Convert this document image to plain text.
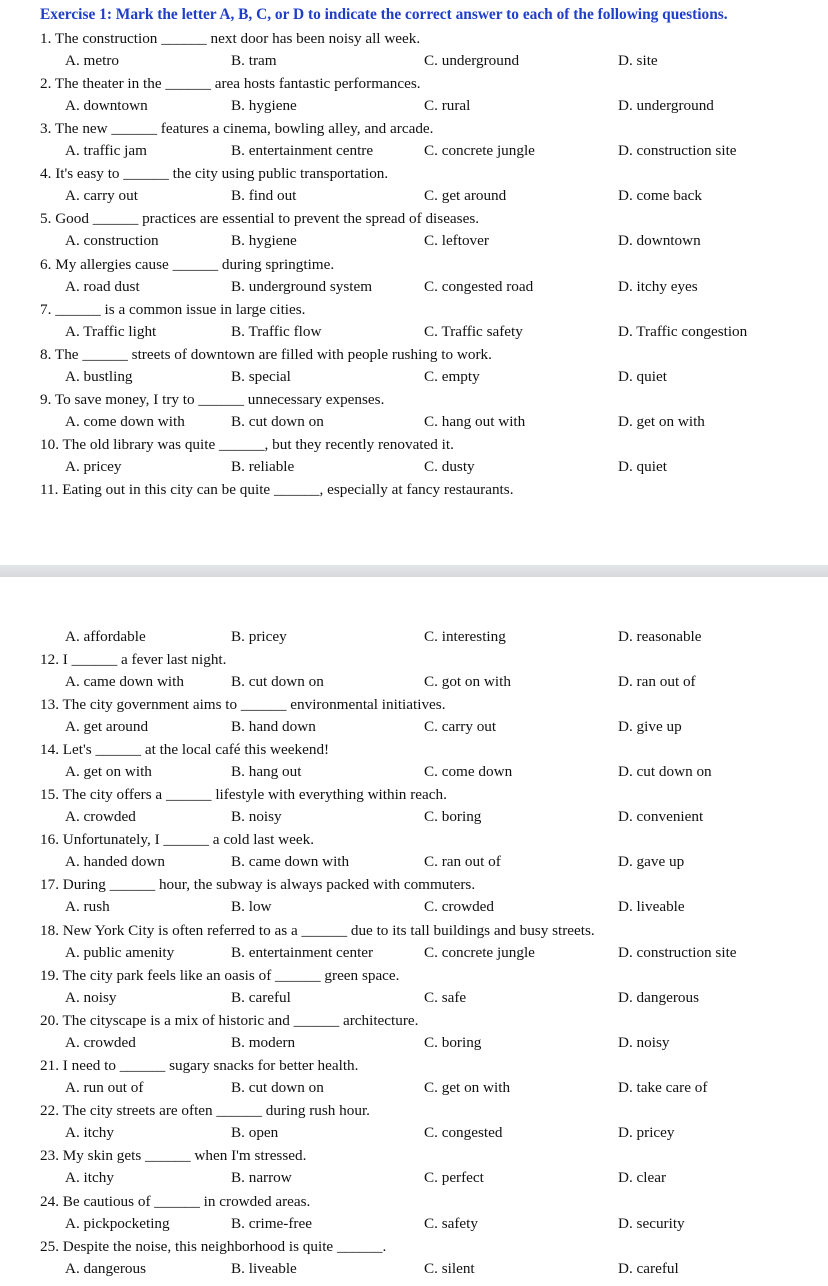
Exercise 1: Mark the letter A, B, C, or D to indicate the correct answer to each of the following questions.
1. The construction ______ next door has been noisy all week.
A. metro	B. tram	C. underground	D. site
2. The theater in the ______ area hosts fantastic performances.
A. downtown	B. hygiene	C. rural	D. underground
3. The new ______ features a cinema, bowling alley, and arcade.
A. traffic jam	B. entertainment centre	C. concrete jungle	D. construction site
4. It's easy to ______ the city using public transportation.
A. carry out	B. find out	C. get around	D. come back
5. Good ______ practices are essential to prevent the spread of diseases.
A. construction	B. hygiene	C. leftover	D. downtown
6. My allergies cause ______ during springtime.
A. road dust	B. underground system	C. congested road	D. itchy eyes
7. ______ is a common issue in large cities.
A. Traffic light	B. Traffic flow	C. Traffic safety	D. Traffic congestion
8. The ______ streets of downtown are filled with people rushing to work.
A. bustling	B. special	C. empty	D. quiet
9. To save money, I try to ______ unnecessary expenses.
A. come down with	B. cut down on	C. hang out with	D. get on with
10. The old library was quite ______, but they recently renovated it.
A. pricey	B. reliable	C. dusty	D. quiet
11. Eating out in this city can be quite ______, especially at fancy restaurants.
A. affordable	B. pricey	C. interesting	D. reasonable
12. I ______ a fever last night.
A. came down with	B. cut down on	C. got on with	D. ran out of
13. The city government aims to ______ environmental initiatives.
A. get around	B. hand down	C. carry out	D. give up
14. Let's ______ at the local café this weekend!
A. get on with	B. hang out	C. come down	D. cut down on
15. The city offers a ______ lifestyle with everything within reach.
A. crowded	B. noisy	C. boring	D. convenient
16. Unfortunately, I ______ a cold last week.
A. handed down	B. came down with	C. ran out of	D. gave up
17. During ______ hour, the subway is always packed with commuters.
A. rush	B. low	C. crowded	D. liveable
18. New York City is often referred to as a ______ due to its tall buildings and busy streets.
A. public amenity	B. entertainment center	C. concrete jungle	D. construction site
19. The city park feels like an oasis of ______ green space.
A. noisy	B. careful	C. safe	D. dangerous
20. The cityscape is a mix of historic and ______ architecture.
A. crowded	B. modern	C. boring	D. noisy
21. I need to ______ sugary snacks for better health.
A. run out of	B. cut down on	C. get on with	D. take care of
22. The city streets are often ______ during rush hour.
A. itchy	B. open	C. congested	D. pricey
23. My skin gets ______ when I'm stressed.
A. itchy	B. narrow	C. perfect	D. clear
24. Be cautious of ______ in crowded areas.
A. pickpocketing	B. crime-free	C. safety	D. security
25. Despite the noise, this neighborhood is quite ______.
A. dangerous	B. liveable	C. silent	D. careful
